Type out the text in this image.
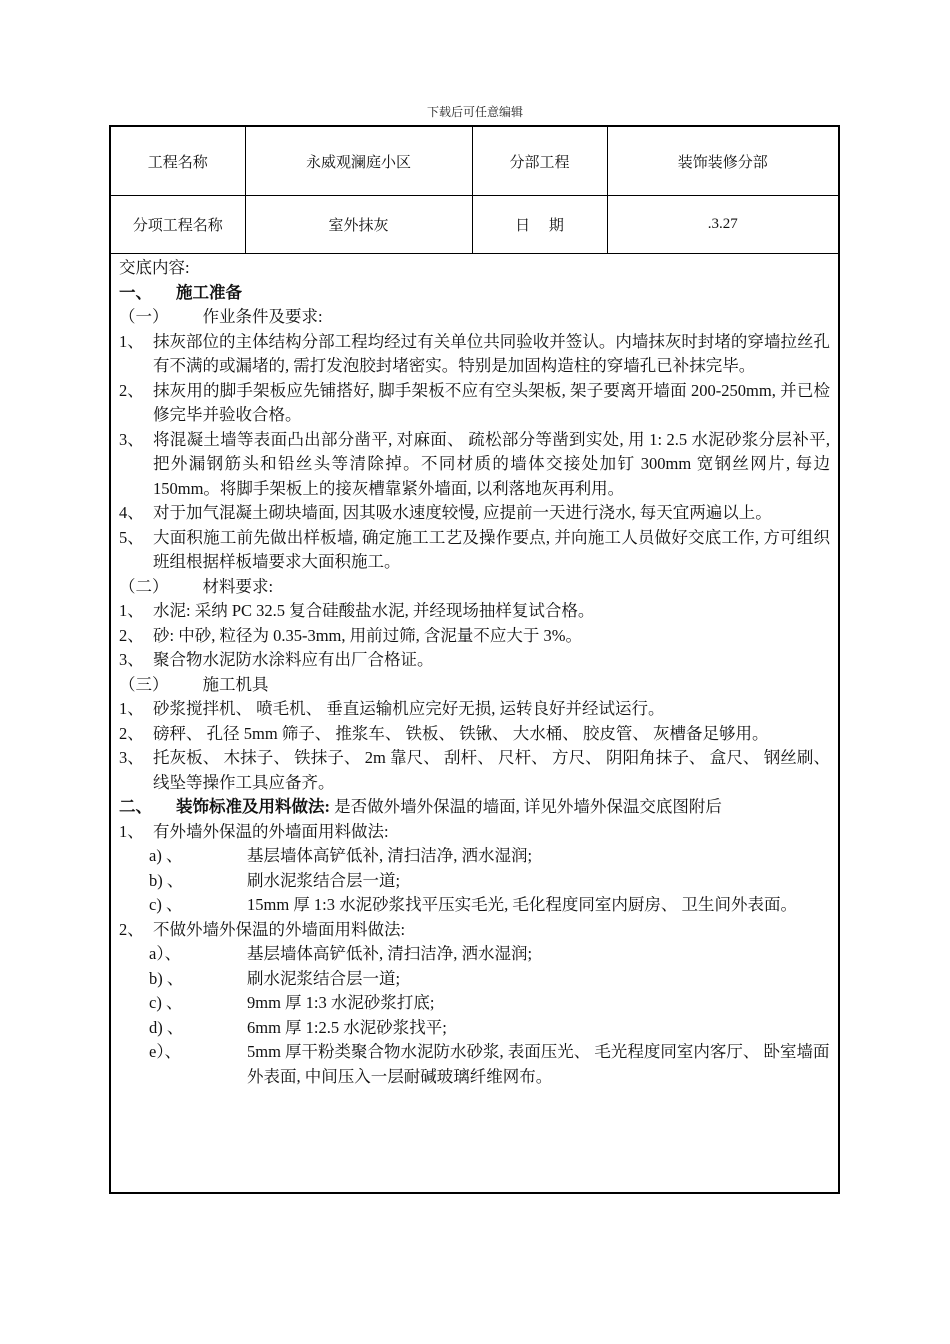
下载后可任意编辑
工程名称	永威观澜庭小区	分部工程	装饰装修分部
分项工程名称	室外抹灰	日　 期	.3.27
交底内容:
一、 施工准备
（一） 作业条件及要求:
1、 抹灰部位的主体结构分部工程均经过有关单位共同验收并签认。内墙抹灰时封堵的穿墙拉丝孔有不满的或漏堵的, 需打发泡胶封堵密实。特别是加固构造柱的穿墙孔已补抹完毕。
2、 抹灰用的脚手架板应先铺搭好, 脚手架板不应有空头架板, 架子要离开墙面 200-250mm, 并已检修完毕并验收合格。
3、 将混凝土墙等表面凸出部分凿平, 对麻面、 疏松部分等凿到实处, 用 1: 2.5 水泥砂浆分层补平, 把外漏钢筋头和铅丝头等清除掉。不同材质的墙体交接处加钉 300mm 宽钢丝网片, 每边 150mm。将脚手架板上的接灰槽靠紧外墙面, 以利落地灰再利用。
4、 对于加气混凝土砌块墙面, 因其吸水速度较慢, 应提前一天进行浇水, 每天宜两遍以上。
5、 大面积施工前先做出样板墙, 确定施工工艺及操作要点, 并向施工人员做好交底工作, 方可组织班组根据样板墙要求大面积施工。
（二） 材料要求:
1、 水泥: 采纳 PC 32.5 复合硅酸盐水泥, 并经现场抽样复试合格。
2、 砂: 中砂, 粒径为 0.35-3mm, 用前过筛, 含泥量不应大于 3%。
3、 聚合物水泥防水涂料应有出厂合格证。
（三） 施工机具
1、 砂浆搅拌机、 喷毛机、 垂直运输机应完好无损, 运转良好并经试运行。
2、 磅秤、 孔径 5mm 筛子、 推浆车、 铁板、 铁锹、 大水桶、 胶皮管、 灰槽备足够用。
3、 托灰板、 木抹子、 铁抹子、 2m 靠尺、 刮杆、 尺杆、 方尺、 阴阳角抹子、 盒尺、 钢丝刷、 线坠等操作工具应备齐。
二、 装饰标准及用料做法: 是否做外墙外保温的墙面, 详见外墙外保温交底图附后
1、 有外墙外保温的外墙面用料做法:
a) 、	基层墙体高铲低补, 清扫洁净, 洒水湿润;
b) 、	刷水泥浆结合层一道;
c) 、	15mm 厚 1:3 水泥砂浆找平压实毛光, 毛化程度同室内厨房、 卫生间外表面。
2、 不做外墙外保温的外墙面用料做法:
a）、	基层墙体高铲低补, 清扫洁净, 洒水湿润;
b) 、	刷水泥浆结合层一道;
c) 、	9mm 厚 1:3 水泥砂浆打底;
d) 、	6mm 厚 1:2.5 水泥砂浆找平;
e）、	5mm 厚干粉类聚合物水泥防水砂浆, 表面压光、 毛光程度同室内客厅、 卧室墙面外表面, 中间压入一层耐碱玻璃纤维网布。
